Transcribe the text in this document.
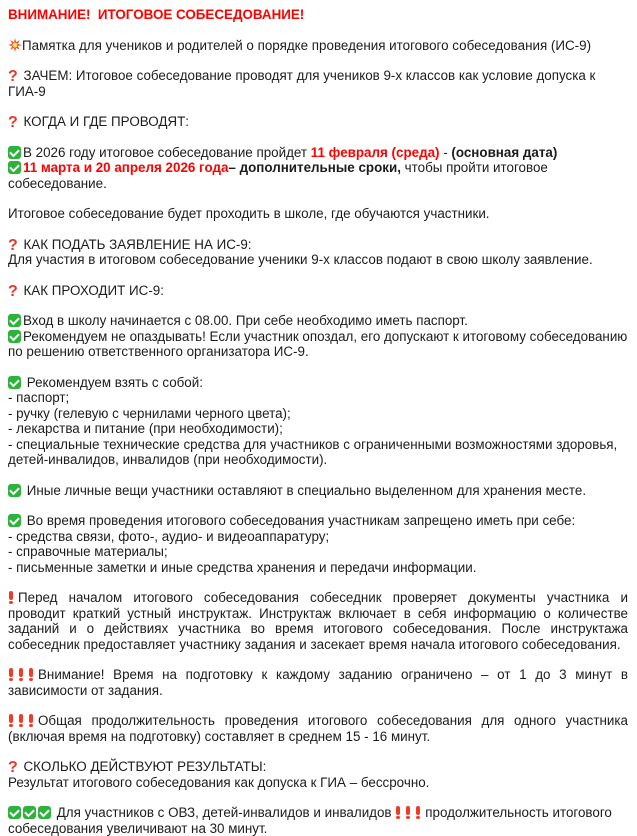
ВНИМАНИЕ!  ИТОГОВОЕ СОБЕСЕДОВАНИЕ!
Памятка для учеников и родителей о порядке проведения итогового собеседования (ИС-9)
? ЗАЧЕМ: Итоговое собеседование проводят для учеников 9-х классов как условие допуска к ГИА-9
? КОГДА И ГДЕ ПРОВОДЯТ:
В 2026 году итоговое собеседование пройдет 11 февраля (среда) - (основная дата)
11 марта и 20 апреля 2026 года– дополнительные сроки, чтобы пройти итоговое собеседование.
Итоговое собеседование будет проходить в школе, где обучаются участники.
? КАК ПОДАТЬ ЗАЯВЛЕНИЕ НА ИС-9:
Для участия в итоговом собеседование ученики 9-х классов подают в свою школу заявление.
? КАК ПРОХОДИТ ИС-9:
Вход в школу начинается с 08.00. При себе необходимо иметь паспорт.
Рекомендуем не опаздывать! Если участник опоздал, его допускают к итоговому собеседованию по решению ответственного организатора ИС-9.
Рекомендуем взять с собой:
- паспорт;
- ручку (гелевую с чернилами черного цвета);
- лекарства и питание (при необходимости);
- специальные технические средства для участников с ограниченными возможностями здоровья, детей-инвалидов, инвалидов (при необходимости).
Иные личные вещи участники оставляют в специально выделенном для хранения месте.
Во время проведения итогового собеседования участникам запрещено иметь при себе:
- средства связи, фото-, аудио- и видеоаппаратуру;
- справочные материалы;
- письменные заметки и иные средства хранения и передачи информации.
Перед началом итогового собеседования собеседник проверяет документы участника и проводит краткий устный инструктаж. Инструктаж включает в себя информацию о количестве заданий и о действиях участника во время итогового собеседования. После инструктажа собеседник предоставляет участнику задания и засекает время начала итогового собеседования.
Внимание! Время на подготовку к каждому заданию ограничено – от 1 до 3 минут в зависимости от задания.
Общая продолжительность проведения итогового собеседования для одного участника (включая время на подготовку) составляет в среднем 15 - 16 минут.
? СКОЛЬКО ДЕЙСТВУЮТ РЕЗУЛЬТАТЫ:
Результат итогового собеседования как допуска к ГИА – бессрочно.
Для участников с ОВЗ, детей-инвалидов и инвалидов продолжительность итогового собеседования увеличивают на 30 минут.
